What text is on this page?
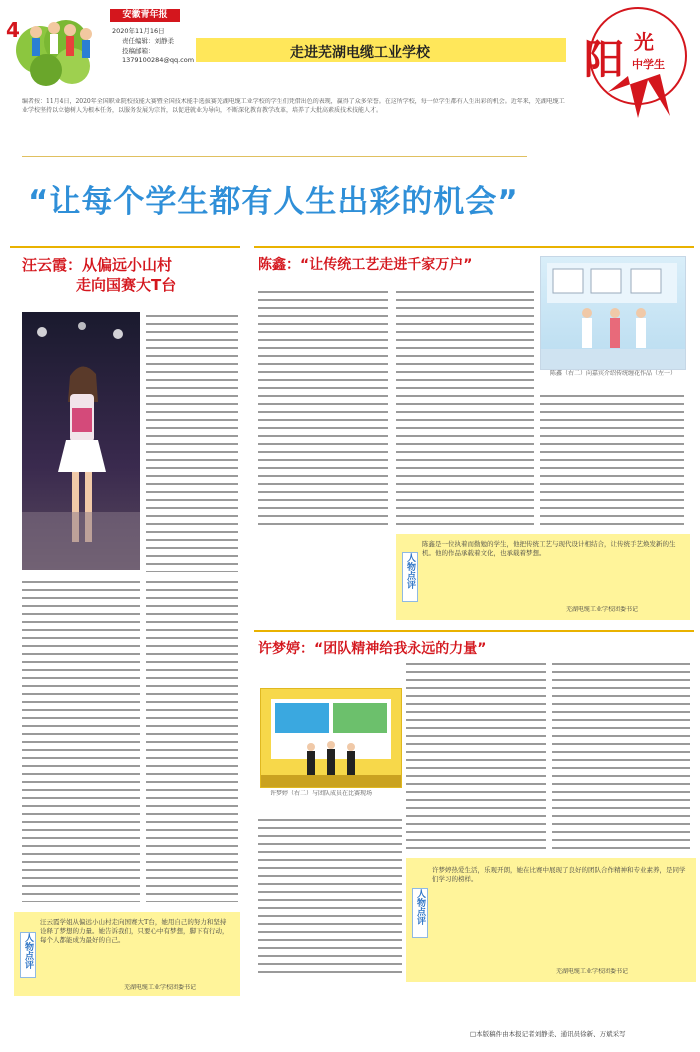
4
安徽青年报
2020年11月16日
责任编辑：刘静柔
投稿邮箱：
1379100284@qq.com	走进芜湖电缆工业学校	阳 光
中学生
编者按：11月4日，2020年全国职业院校技能大赛暨全国技术能手选拔赛芜湖电缆工业学校的学生们凭借出色的表现，赢得了众多荣誉。在这所学校，每一位学生都有人生出彩的机会。近年来，芜湖电缆工业学校坚持以立德树人为根本任务，以服务发展为宗旨，以促进就业为导向，不断深化教育教学改革，培养了大批高素质技术技能人才。
“让每个学生都有人生出彩的机会”
汪云霞：从偏远小山村
走向国赛大T台
人物点评
汪云霞学姐从偏远小山村走向国赛大T台，她用自己的努力和坚持诠释了梦想的力量。她告诉我们，只要心中有梦想，脚下有行动，每个人都能成为最好的自己。
芜湖电缆工业学校团委书记
陈鑫：“让传统工艺走进千家万户”
陈鑫（右二）向嘉宾介绍传统缠花作品（左一）
人物点评
陈鑫是一位执着而勤勉的学生，他把传统工艺与现代设计相结合，让传统手艺焕发新的生机。他的作品承载着文化，也承载着梦想。
芜湖电缆工业学校团委书记
许梦婷：“团队精神给我永远的力量”
许梦婷（右二）与团队成员在比赛现场
人物点评
许梦婷热爱生活，乐观开朗，她在比赛中展现了良好的团队合作精神和专业素养，是同学们学习的榜样。
芜湖电缆工业学校团委书记
□本版稿件由本报记者刘静柔、通讯员徐新、万斌采写
